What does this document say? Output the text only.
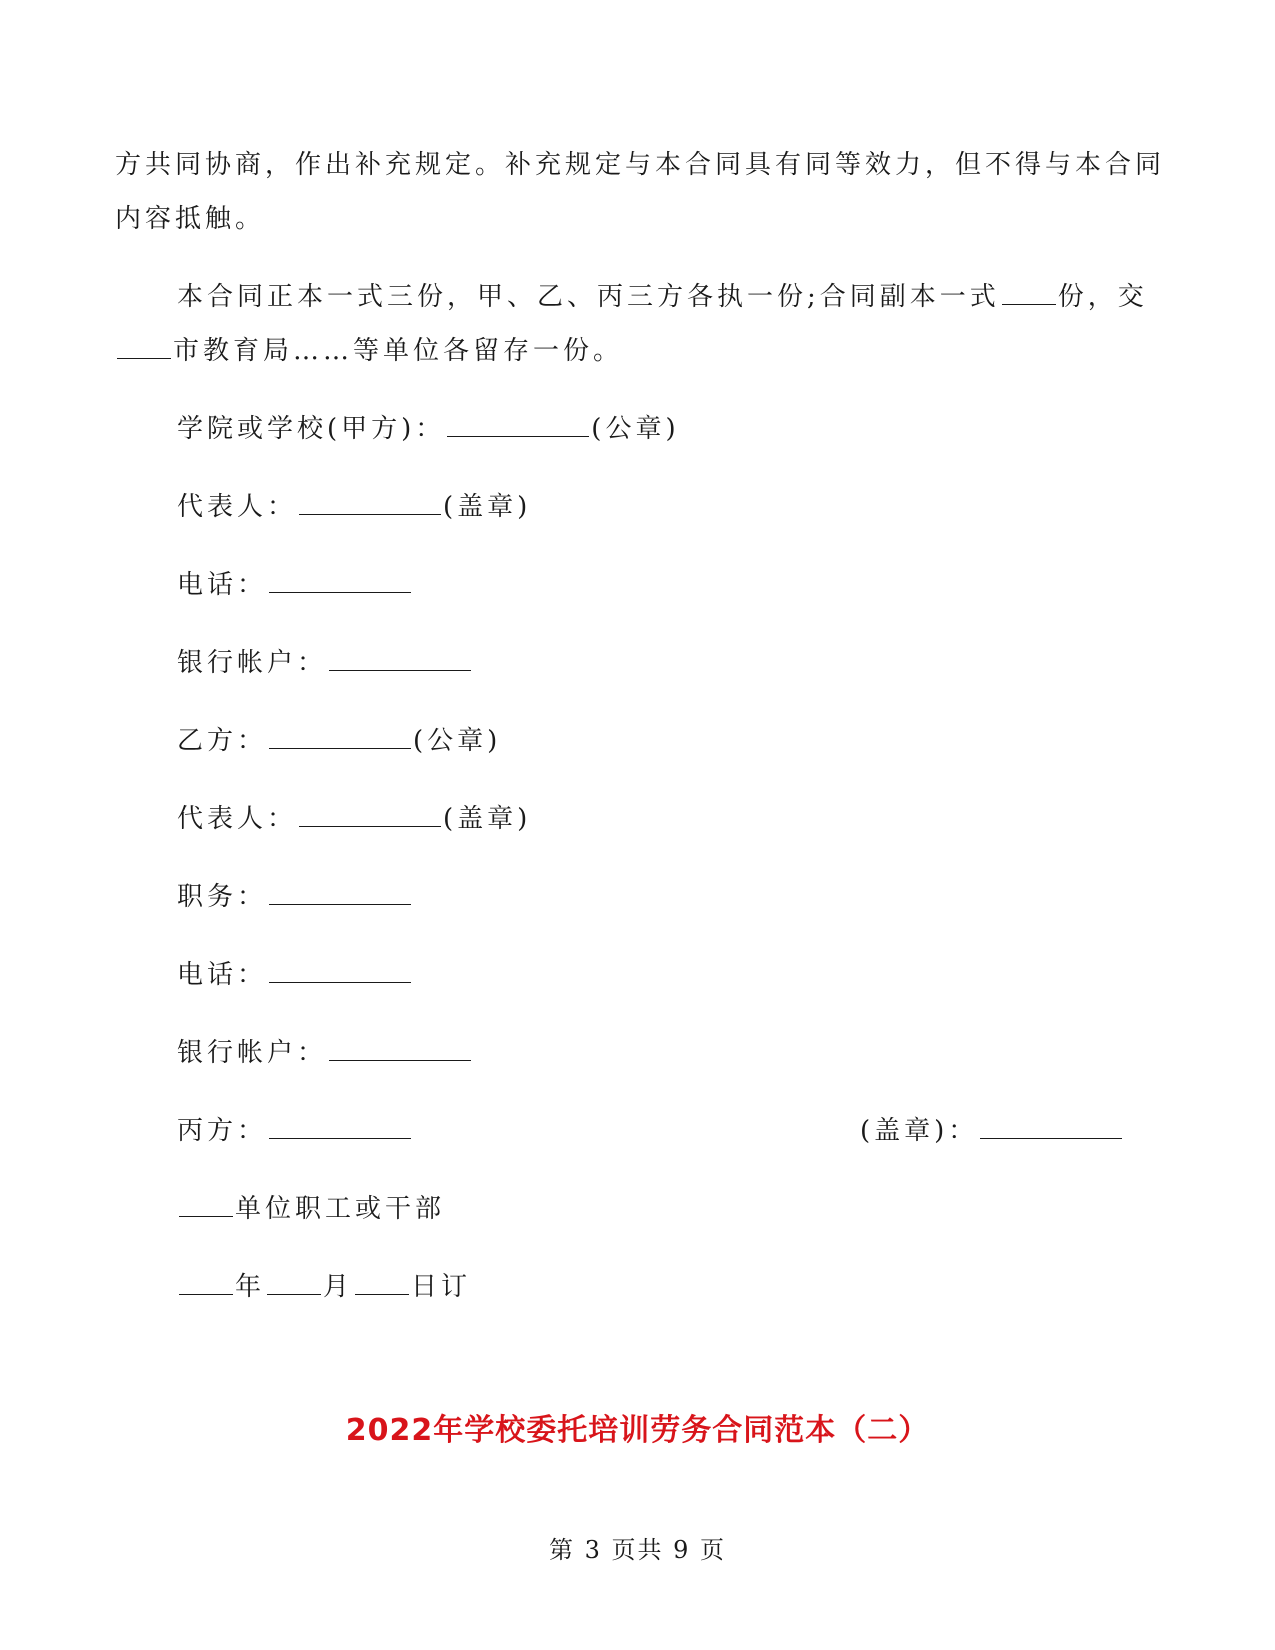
方共同协商，作出补充规定。补充规定与本合同具有同等效力，但不得与本合同
内容抵触。
本合同正本一式三份，甲、乙、丙三方各执一份;合同副本一式 份，交
市教育局……等单位各留存一份。
学院或学校(甲方)：	(公章)
代表人：	(盖章)
电话：
银行帐户：
乙方：	(公章)
代表人：	(盖章)
职务：
电话：
银行帐户：
丙方：	(盖章)：
单位职工或干部
年 月 日订
2022年学校委托培训劳务合同范本（二）
第 3 页共 9 页
